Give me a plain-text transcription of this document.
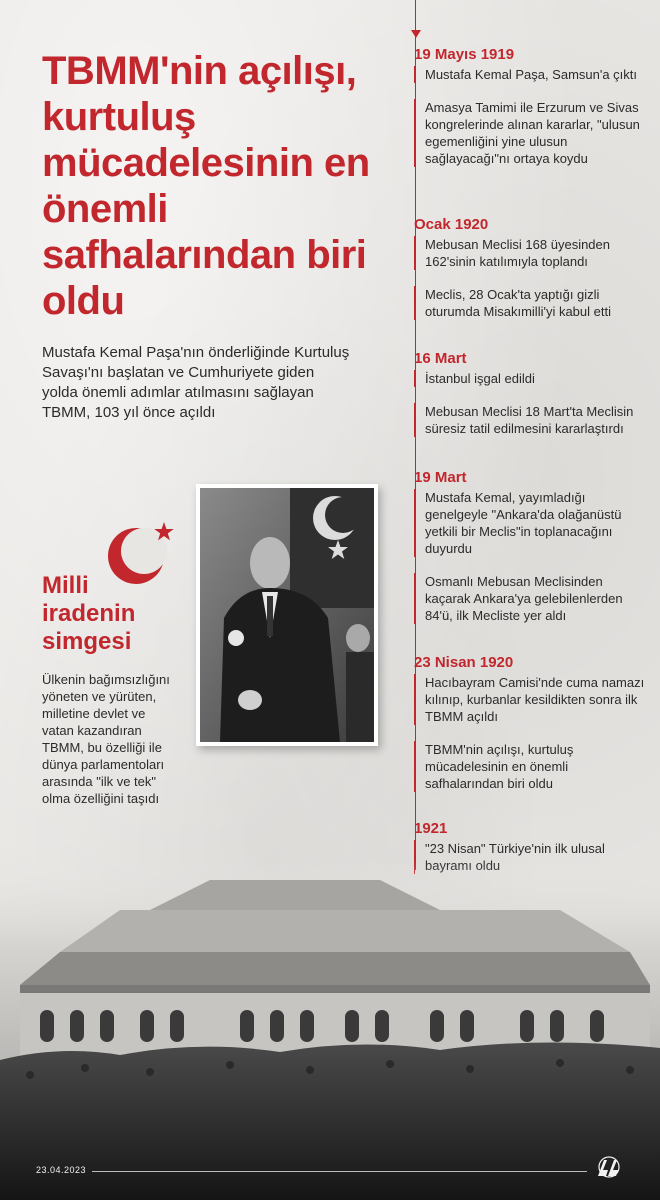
TBMM'nin açılışı, kurtuluş mücadelesinin en önemli safhalarından biri oldu

Mustafa Kemal Paşa'nın önderliğinde Kurtuluş Savaşı'nı başlatan ve Cumhuriyete giden yolda önemli adımlar atılmasını sağlayan TBMM, 103 yıl önce açıldı

Milli iradenin simgesi

Ülkenin bağımsızlığını yöneten ve yürüten, milletine devlet ve vatan kazandıran TBMM, bu özelliği ile dünya parlamentoları arasında "ilk ve tek" olma özelliğini taşıdı

19 Mayıs 1919
Mustafa Kemal Paşa, Samsun'a çıktı
Amasya Tamimi ile Erzurum ve Sivas kongrelerinde alınan kararlar, "ulusun egemenliğini yine ulusun sağlayacağı"nı ortaya koydu
Ocak 1920
Mebusan Meclisi 168 üyesinden 162'sinin katılımıyla toplandı
Meclis, 28 Ocak'ta yaptığı gizli oturumda Misakımilli'yi kabul etti
16 Mart
İstanbul işgal edildi
Mebusan Meclisi 18 Mart'ta Meclisin süresiz tatil edilmesini kararlaştırdı
19 Mart
Mustafa Kemal, yayımladığı genelgeyle "Ankara'da olağanüstü yetkili bir Meclis"in toplanacağını duyurdu
Osmanlı Mebusan Meclisinden kaçarak Ankara'ya gelebilenlerden 84'ü, ilk Mecliste yer aldı
23 Nisan 1920
Hacıbayram Camisi'nde cuma namazı kılınıp, kurbanlar kesildikten sonra ilk TBMM açıldı
TBMM'nin açılışı, kurtuluş mücadelesinin en önemli safhalarından biri oldu
1921
"23 Nisan" Türkiye'nin ilk ulusal
23.04.2023
